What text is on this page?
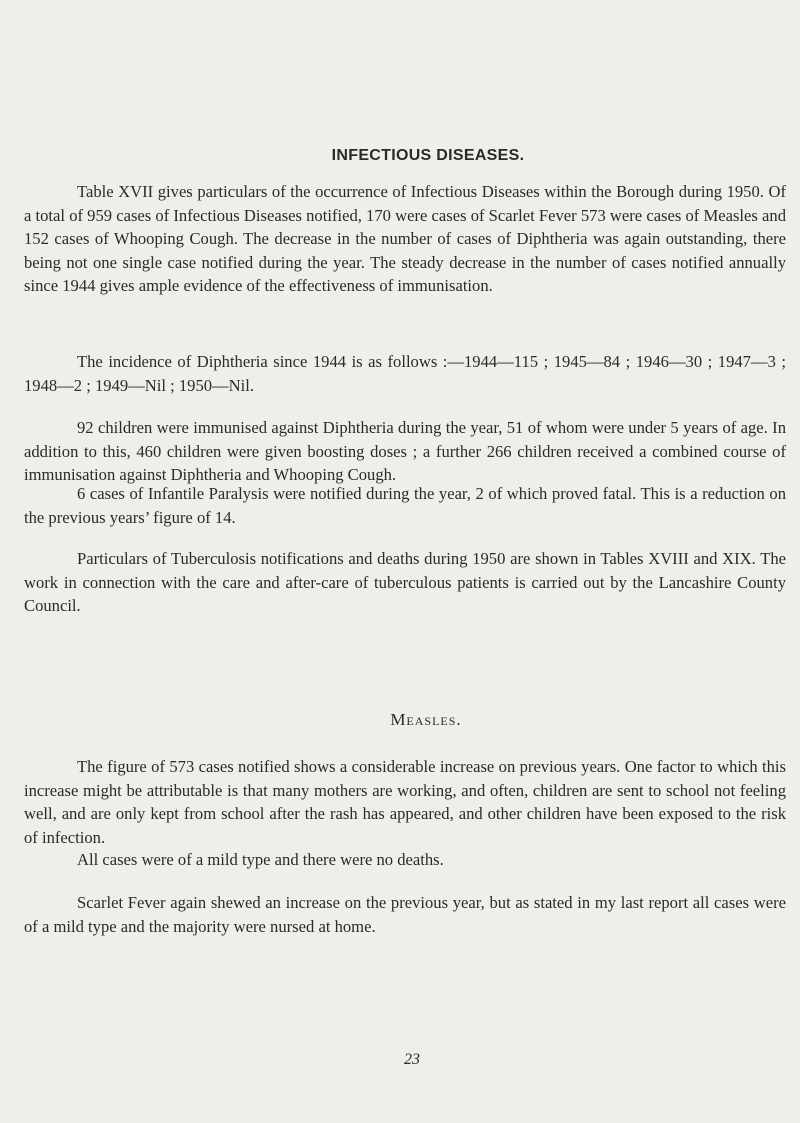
INFECTIOUS DISEASES.

Table XVII gives particulars of the occurrence of Infectious Diseases within the Borough during 1950. Of a total of 959 cases of Infectious Diseases notified, 170 were cases of Scarlet Fever 573 were cases of Measles and 152 cases of Whooping Cough. The decrease in the number of cases of Diphtheria was again outstanding, there being not one single case notified during the year. The steady decrease in the number of cases notified annually since 1944 gives ample evidence of the effectiveness of immunisation.

The incidence of Diphtheria since 1944 is as follows :—1944—115 ; 1945—84 ; 1946—30 ; 1947—3 ; 1948—2 ; 1949—Nil ; 1950—Nil.

92 children were immunised against Diphtheria during the year, 51 of whom were under 5 years of age. In addition to this, 460 children were given boosting doses ; a further 266 children received a combined course of immunisation against Diphtheria and Whooping Cough.

6 cases of Infantile Paralysis were notified during the year, 2 of which proved fatal. This is a reduction on the previous years’ figure of 14.

Particulars of Tuberculosis notifications and deaths during 1950 are shown in Tables XVIII and XIX. The work in connection with the care and after-care of tuberculous patients is carried out by the Lancashire County Council.

Measles.

The figure of 573 cases notified shows a considerable increase on previous years. One factor to which this increase might be attributable is that many mothers are working, and often, children are sent to school not feeling well, and are only kept from school after the rash has appeared, and other children have been exposed to the risk of infection.

All cases were of a mild type and there were no deaths.

Scarlet Fever again shewed an increase on the previous year, but as stated in my last report all cases were of a mild type and the majority were nursed at home.

23
